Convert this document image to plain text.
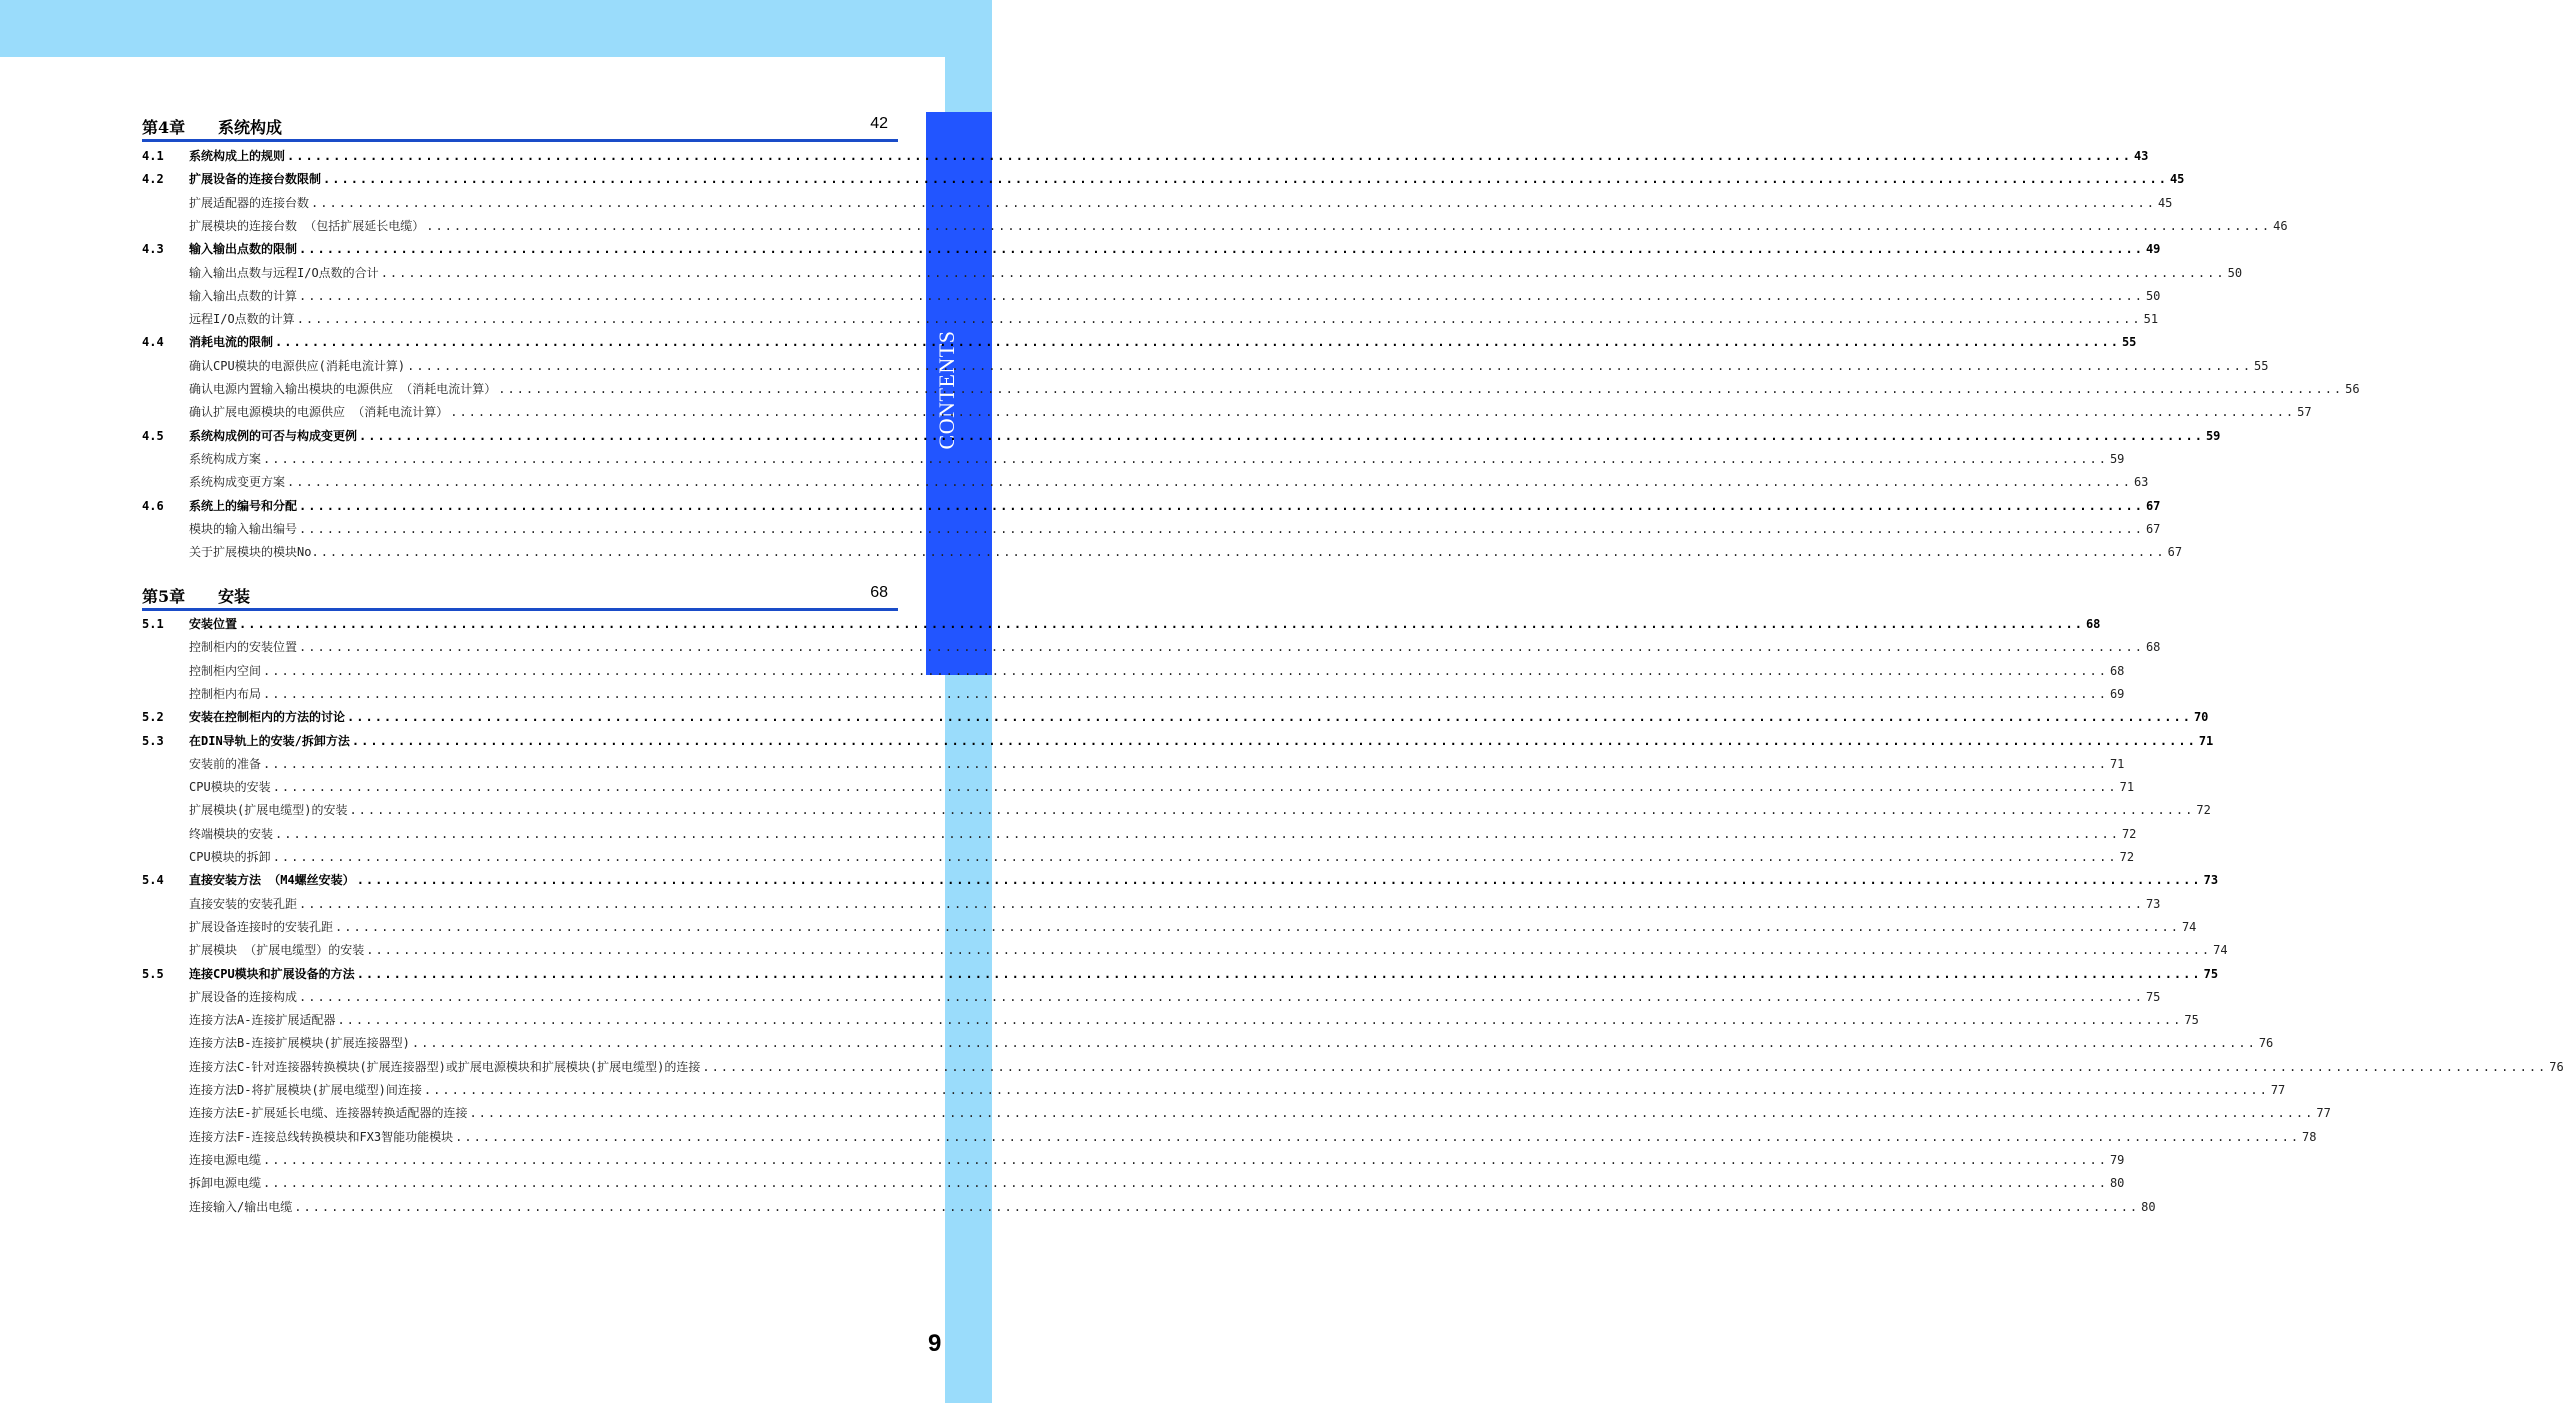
CONTENTS
第4章 系统构成	42
4.1 系统构成上的规则 ........................................................................................................................................................................................................ 43
4.2 扩展设备的连接台数限制 ........................................................................................................................................................................................................ 45
扩展适配器的连接台数 ........................................................................................................................................................................................................ 45
扩展模块的连接台数 （包括扩展延长电缆） ........................................................................................................................................................................................................ 46
4.3 输入输出点数的限制 ........................................................................................................................................................................................................ 49
输入输出点数与远程I/O点数的合计 ........................................................................................................................................................................................................ 50
输入输出点数的计算 ........................................................................................................................................................................................................ 50
远程I/O点数的计算 ........................................................................................................................................................................................................ 51
4.4 消耗电流的限制 ........................................................................................................................................................................................................ 55
确认CPU模块的电源供应(消耗电流计算) ........................................................................................................................................................................................................ 55
确认电源内置输入输出模块的电源供应 （消耗电流计算） ........................................................................................................................................................................................................ 56
确认扩展电源模块的电源供应 （消耗电流计算） ........................................................................................................................................................................................................ 57
4.5 系统构成例的可否与构成变更例 ........................................................................................................................................................................................................ 59
系统构成方案 ........................................................................................................................................................................................................ 59
系统构成变更方案 ........................................................................................................................................................................................................ 63
4.6 系统上的编号和分配 ........................................................................................................................................................................................................ 67
模块的输入输出编号 ........................................................................................................................................................................................................ 67
关于扩展模块的模块No. ........................................................................................................................................................................................................ 67
第5章 安装	68
5.1 安装位置 ........................................................................................................................................................................................................ 68
控制柜内的安装位置 ........................................................................................................................................................................................................ 68
控制柜内空间 ........................................................................................................................................................................................................ 68
控制柜内布局 ........................................................................................................................................................................................................ 69
5.2 安装在控制柜内的方法的讨论 ........................................................................................................................................................................................................ 70
5.3 在DIN导轨上的安装/拆卸方法 ........................................................................................................................................................................................................ 71
安装前的准备 ........................................................................................................................................................................................................ 71
CPU模块的安装 ........................................................................................................................................................................................................ 71
扩展模块(扩展电缆型)的安装 ........................................................................................................................................................................................................ 72
终端模块的安装 ........................................................................................................................................................................................................ 72
CPU模块的拆卸 ........................................................................................................................................................................................................ 72
5.4 直接安装方法 （M4螺丝安装） ........................................................................................................................................................................................................ 73
直接安装的安装孔距 ........................................................................................................................................................................................................ 73
扩展设备连接时的安装孔距 ........................................................................................................................................................................................................ 74
扩展模块 （扩展电缆型）的安装 ........................................................................................................................................................................................................ 74
5.5 连接CPU模块和扩展设备的方法 ........................................................................................................................................................................................................ 75
扩展设备的连接构成 ........................................................................................................................................................................................................ 75
连接方法A-连接扩展适配器 ........................................................................................................................................................................................................ 75
连接方法B-连接扩展模块(扩展连接器型) ........................................................................................................................................................................................................ 76
连接方法C-针对连接器转换模块(扩展连接器型)或扩展电源模块和扩展模块(扩展电缆型)的连接 ........................................................................................................................................................................................................ 76
连接方法D-将扩展模块(扩展电缆型)间连接 ........................................................................................................................................................................................................ 77
连接方法E-扩展延长电缆、连接器转换适配器的连接 ........................................................................................................................................................................................................ 77
连接方法F-连接总线转换模块和FX3智能功能模块 ........................................................................................................................................................................................................ 78
连接电源电缆 ........................................................................................................................................................................................................ 79
拆卸电源电缆 ........................................................................................................................................................................................................ 80
连接输入/输出电缆 ........................................................................................................................................................................................................ 80
9
